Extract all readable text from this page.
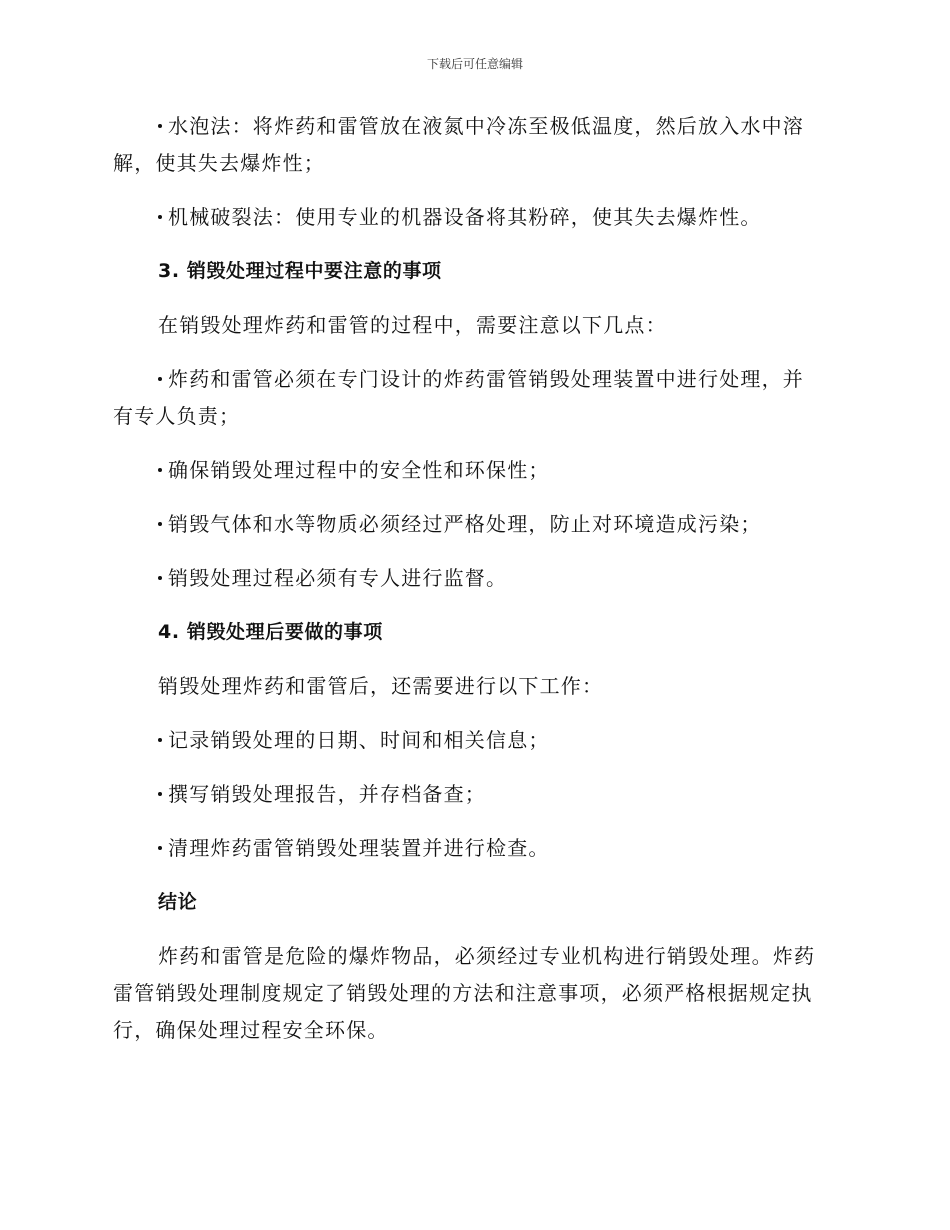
下载后可任意编辑

水泡法：将炸药和雷管放在液氮中冷冻至极低温度，然后放入水中溶解，使其失去爆炸性；

机械破裂法：使用专业的机器设备将其粉碎，使其失去爆炸性。

3. 销毁处理过程中要注意的事项

在销毁处理炸药和雷管的过程中，需要注意以下几点：

炸药和雷管必须在专门设计的炸药雷管销毁处理装置中进行处理，并有专人负责；

确保销毁处理过程中的安全性和环保性；

销毁气体和水等物质必须经过严格处理，防止对环境造成污染；

销毁处理过程必须有专人进行监督。

4. 销毁处理后要做的事项

销毁处理炸药和雷管后，还需要进行以下工作：

记录销毁处理的日期、时间和相关信息；

撰写销毁处理报告，并存档备查；

清理炸药雷管销毁处理装置并进行检查。

结论

炸药和雷管是危险的爆炸物品，必须经过专业机构进行销毁处理。炸药雷管销毁处理制度规定了销毁处理的方法和注意事项，必须严格根据规定执行，确保处理过程安全环保。
